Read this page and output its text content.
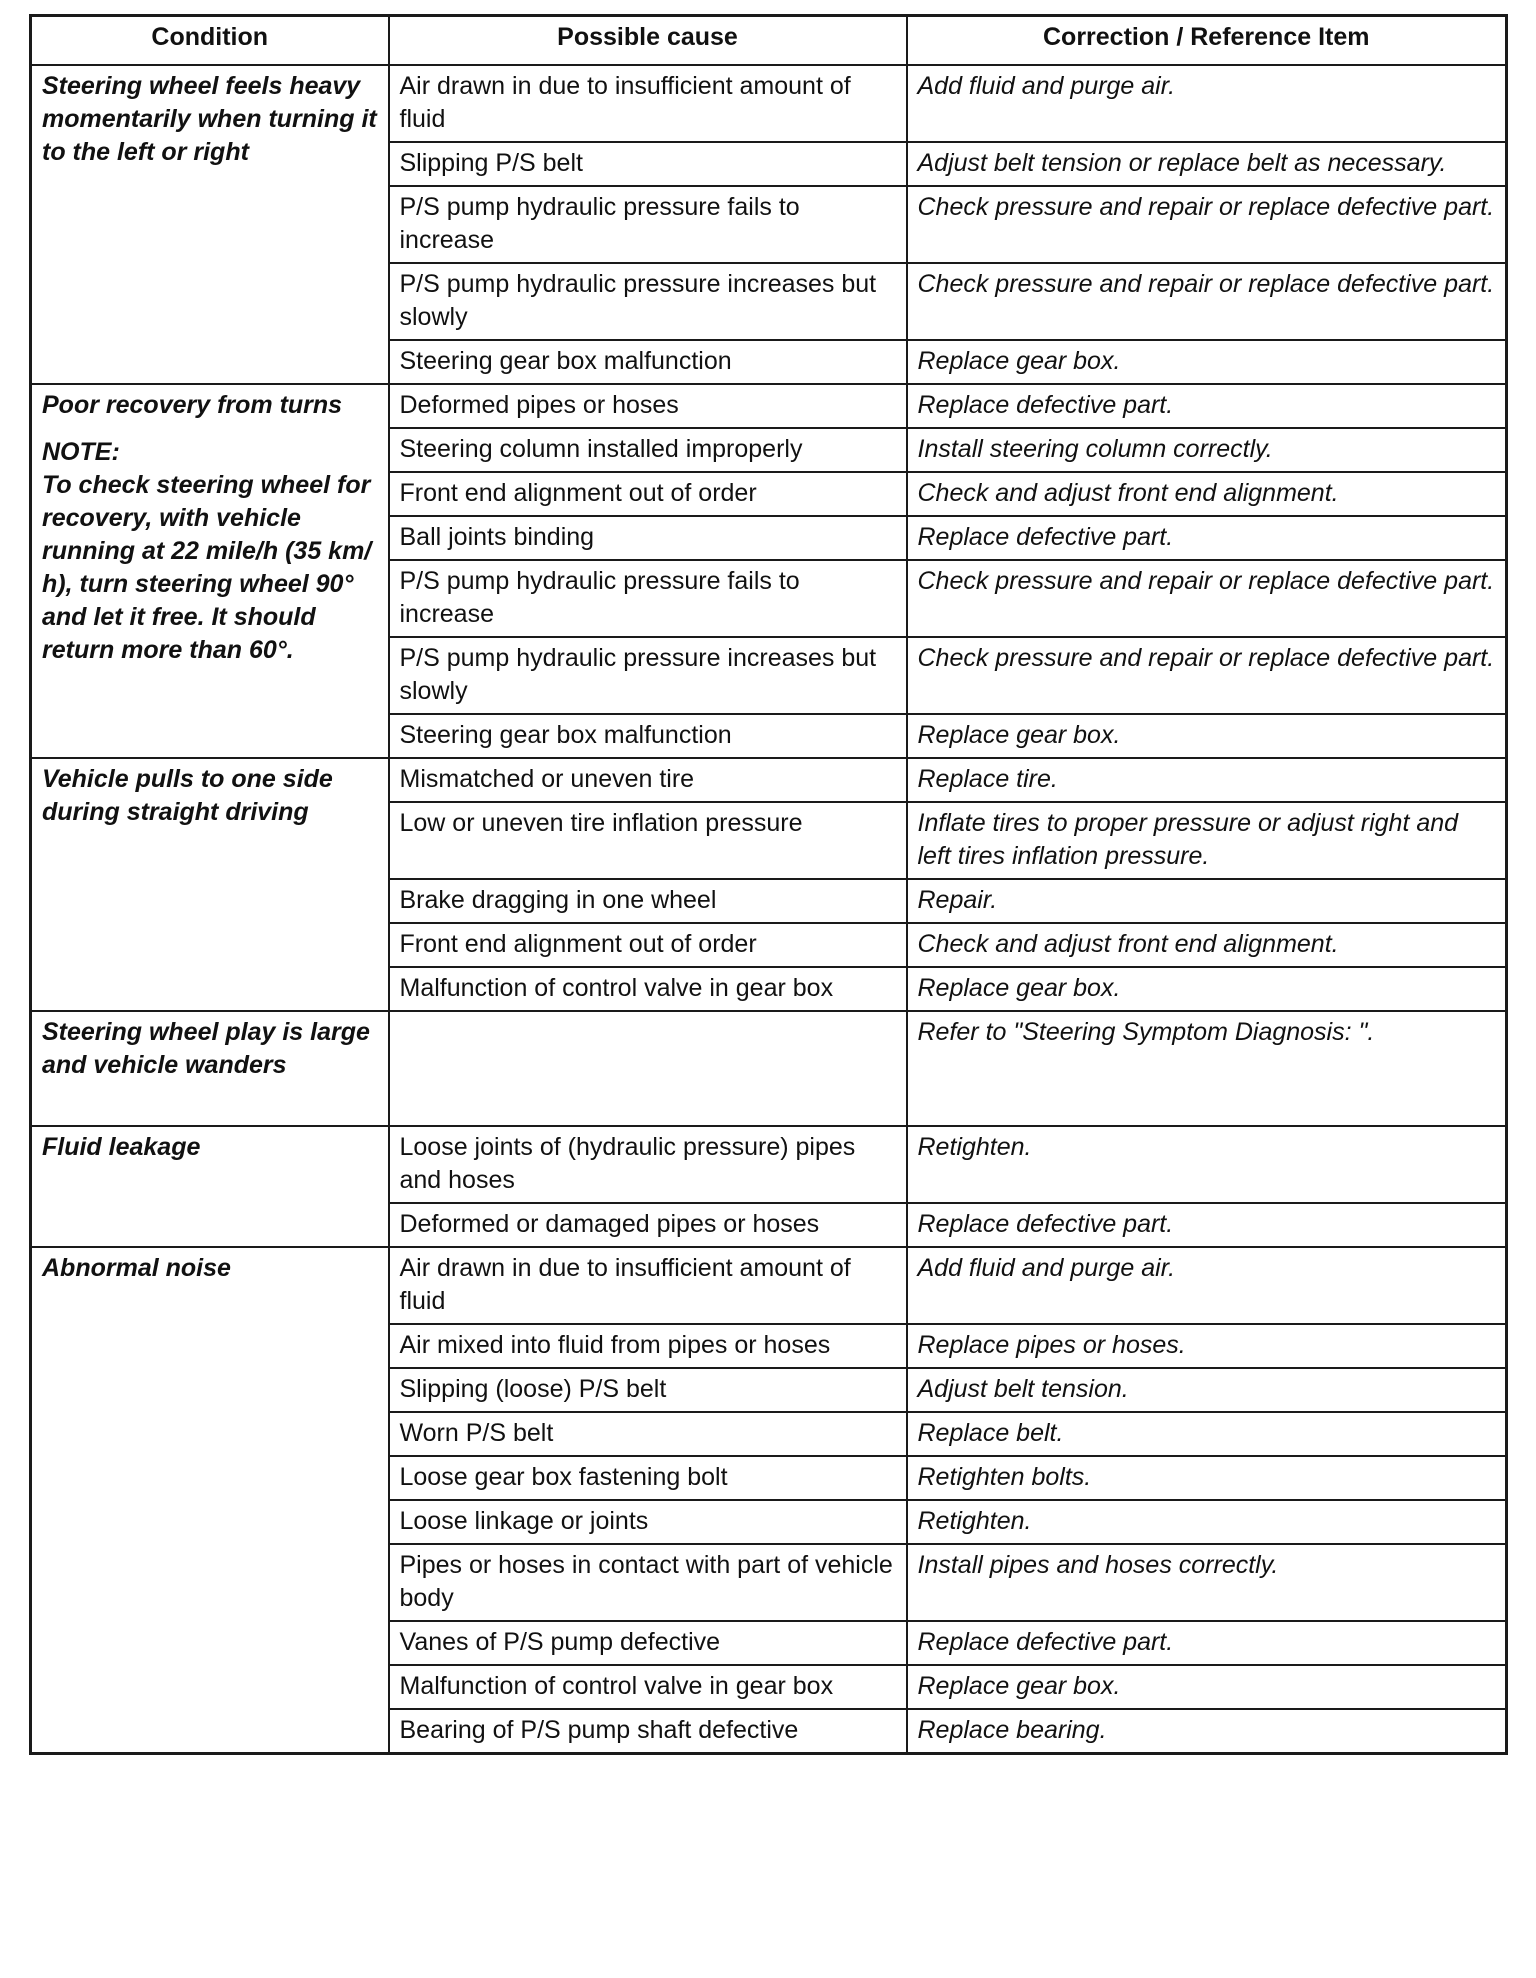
Condition	Possible cause	Correction / Reference Item

Steering wheel feels heavy momentarily when turning it to the left or right	Air drawn in due to insufficient amount of fluid	Add fluid and purge air.
	Slipping P/S belt	Adjust belt tension or replace belt as necessary.
	P/S pump hydraulic pressure fails to increase	Check pressure and repair or replace defective part.
	P/S pump hydraulic pressure increases but slowly	Check pressure and repair or replace defective part.
	Steering gear box malfunction	Replace gear box.

Poor recovery from turns
NOTE:
To check steering wheel for recovery, with vehicle running at 22 mile/h (35 km/ h), turn steering wheel 90° and let it free. It should return more than 60°.	Deformed pipes or hoses	Replace defective part.
	Steering column installed improperly	Install steering column correctly.
	Front end alignment out of order	Check and adjust front end alignment.
	Ball joints binding	Replace defective part.
	P/S pump hydraulic pressure fails to increase	Check pressure and repair or replace defective part.
	P/S pump hydraulic pressure increases but slowly	Check pressure and repair or replace defective part.
	Steering gear box malfunction	Replace gear box.

Vehicle pulls to one side during straight driving	Mismatched or uneven tire	Replace tire.
	Low or uneven tire inflation pressure	Inflate tires to proper pressure or adjust right and left tires inflation pressure.
	Brake dragging in one wheel	Repair.
	Front end alignment out of order	Check and adjust front end alignment.
	Malfunction of control valve in gear box	Replace gear box.

Steering wheel play is large and vehicle wanders		Refer to "Steering Symptom Diagnosis: ".

Fluid leakage	Loose joints of (hydraulic pressure) pipes and hoses	Retighten.
	Deformed or damaged pipes or hoses	Replace defective part.

Abnormal noise	Air drawn in due to insufficient amount of fluid	Add fluid and purge air.
	Air mixed into fluid from pipes or hoses	Replace pipes or hoses.
	Slipping (loose) P/S belt	Adjust belt tension.
	Worn P/S belt	Replace belt.
	Loose gear box fastening bolt	Retighten bolts.
	Loose linkage or joints	Retighten.
	Pipes or hoses in contact with part of vehicle body	Install pipes and hoses correctly.
	Vanes of P/S pump defective	Replace defective part.
	Malfunction of control valve in gear box	Replace gear box.
	Bearing of P/S pump shaft defective	Replace bearing.
